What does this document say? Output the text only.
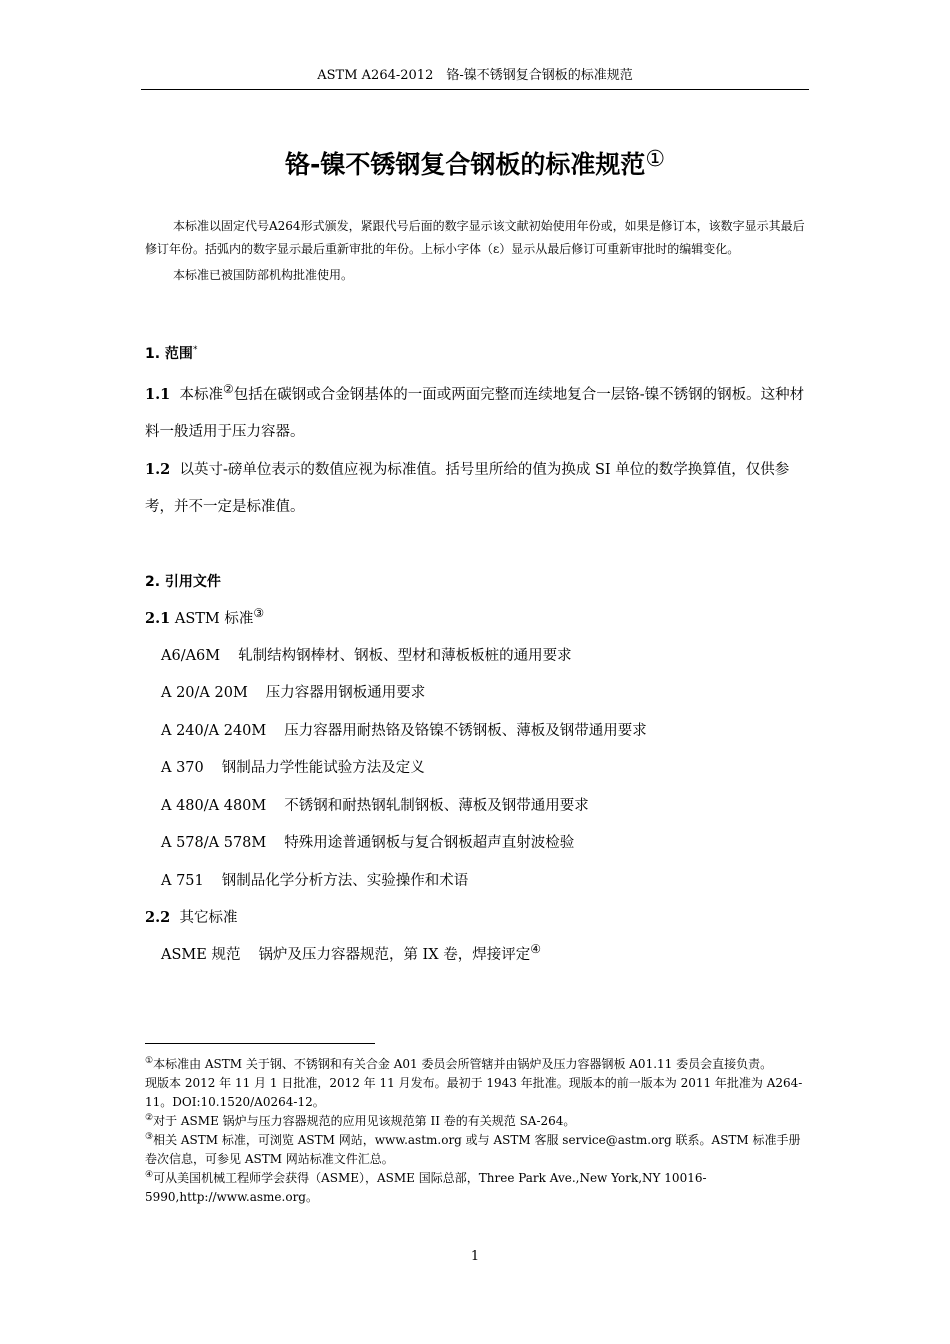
ASTM A264-2012　铬-镍不锈钢复合钢板的标准规范
铬-镍不锈钢复合钢板的标准规范①

本标准以固定代号A264形式颁发，紧跟代号后面的数字显示该文献初始使用年份或，如果是修订本，该数字显示其最后修订年份。括弧内的数字显示最后重新审批的年份。上标小字体（ε）显示从最后修订可重新审批时的编辑变化。

本标准已被国防部机构批准使用。

1. 范围*

1.1 本标准②包括在碳钢或合金钢基体的一面或两面完整而连续地复合一层铬-镍不锈钢的钢板。这种材料一般适用于压力容器。

1.2 以英寸-磅单位表示的数值应视为标准值。括号里所给的值为换成 SI 单位的数学换算值，仅供参考，并不一定是标准值。

2. 引用文件
2.1 ASTM 标准③
A6/A6M 轧制结构钢棒材、钢板、型材和薄板板桩的通用要求
A 20/A 20M 压力容器用钢板通用要求
A 240/A 240M 压力容器用耐热铬及铬镍不锈钢板、薄板及钢带通用要求
A 370 钢制品力学性能试验方法及定义
A 480/A 480M 不锈钢和耐热钢轧制钢板、薄板及钢带通用要求
A 578/A 578M 特殊用途普通钢板与复合钢板超声直射波检验
A 751 钢制品化学分析方法、实验操作和术语
2.2 其它标准
ASME 规范 锅炉及压力容器规范，第 IX 卷，焊接评定④

①本标准由 ASTM 关于钢、不锈钢和有关合金 A01 委员会所管辖并由锅炉及压力容器钢板 A01.11 委员会直接负责。

现版本 2012 年 11 月 1 日批准，2012 年 11 月发布。最初于 1943 年批准。现版本的前一版本为 2011 年批准为 A264-11。DOI:10.1520/A0264-12。

②对于 ASME 锅炉与压力容器规范的应用见该规范第 II 卷的有关规范 SA-264。

③相关 ASTM 标准，可浏览 ASTM 网站，www.astm.org 或与 ASTM 客服 service@astm.org 联系。ASTM 标准手册卷次信息，可参见 ASTM 网站标准文件汇总。

④可从美国机械工程师学会获得（ASME），ASME 国际总部，Three Park Ave.,New York,NY 10016-5990,http://www.asme.org。

1
